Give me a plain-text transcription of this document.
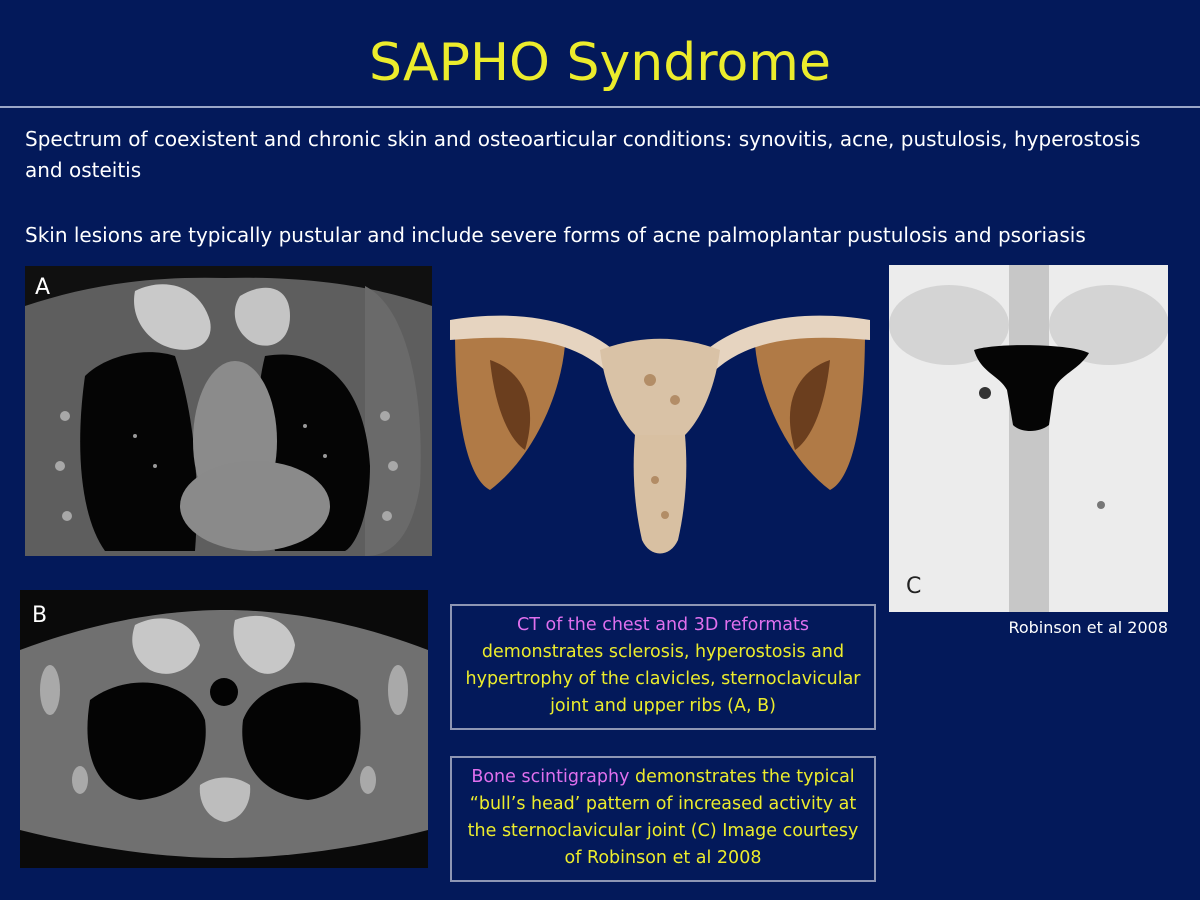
SAPHO Syndrome
Spectrum of coexistent and chronic skin and osteoarticular conditions: synovitis, acne, pustulosis, hyperostosis and osteitis
Skin lesions are typically pustular and include severe forms of acne palmoplantar pustulosis and psoriasis
A
C
Robinson et al 2008
B	CT of the chest and 3D reformats demonstrates sclerosis, hyperostosis and hypertrophy of the clavicles, sternoclavicular joint and upper ribs (A, B)
Bone scintigraphy demonstrates the typical “bull’s head’ pattern of increased activity at the sternoclavicular joint (C) Image courtesy of Robinson et al 2008
